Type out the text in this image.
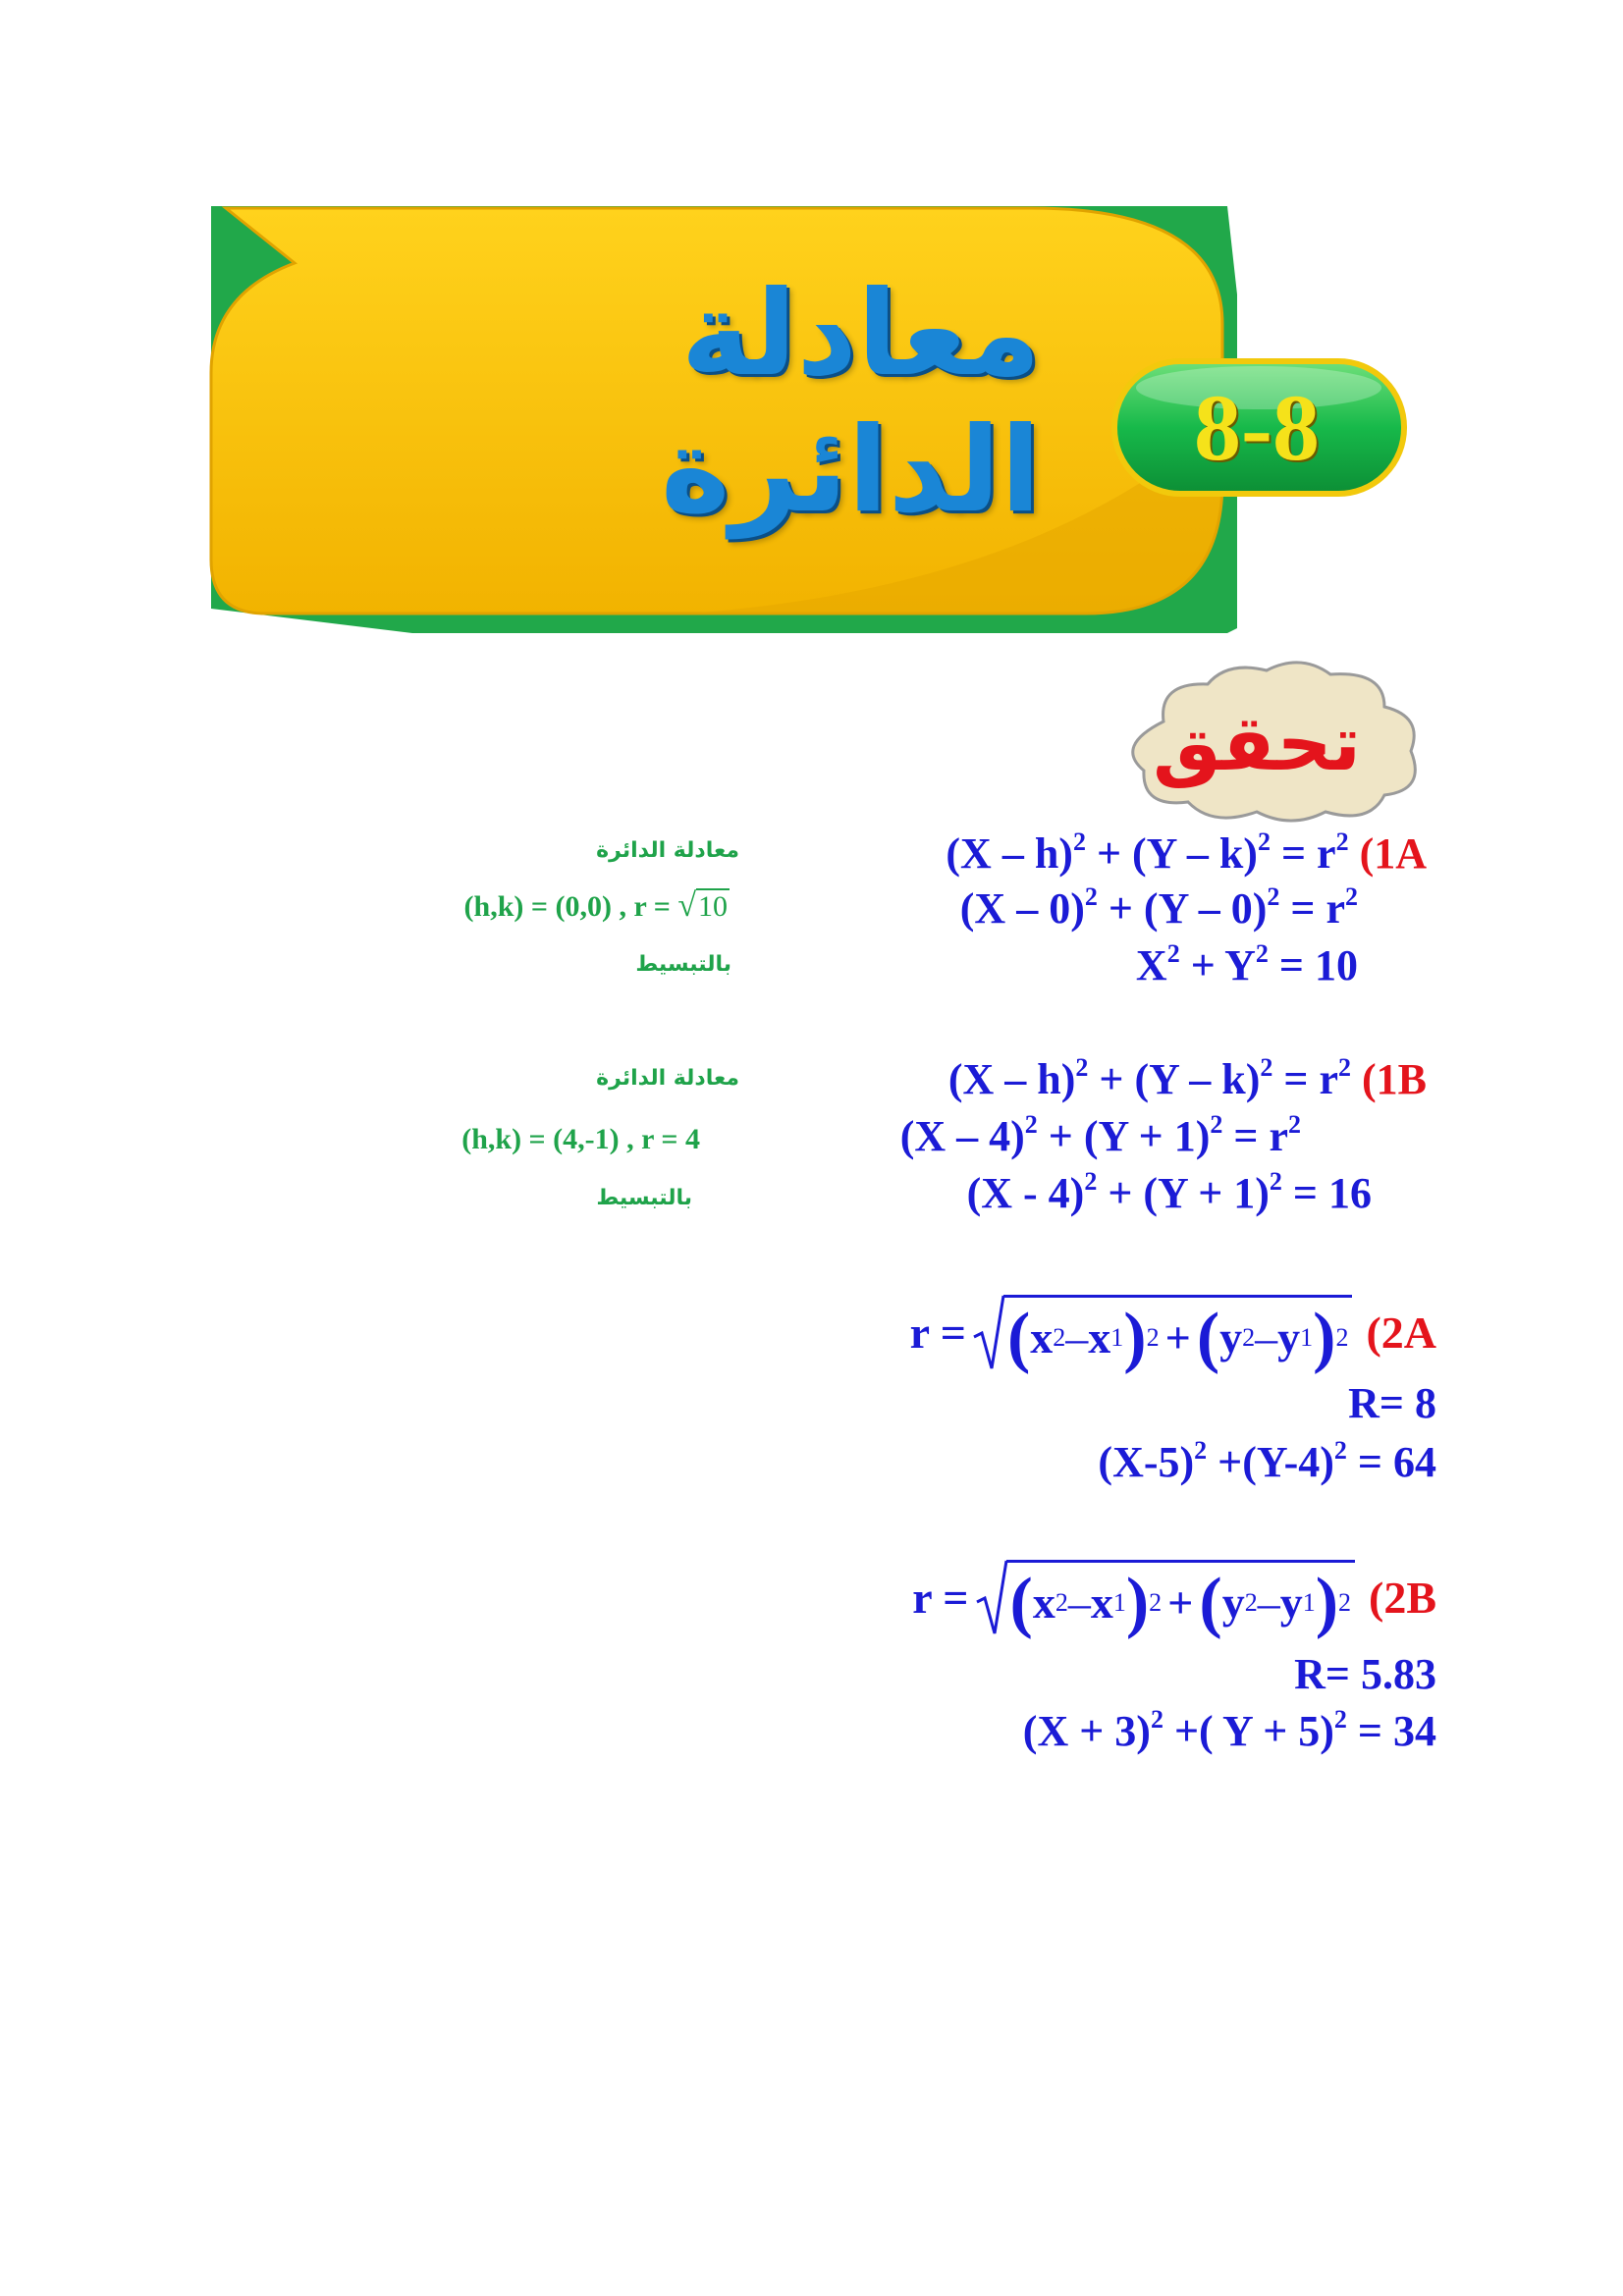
معادلة الدائرة	8-8
تحقق
$(X - h)^2 + (Y - k)^2 = r^2$ (1A
$(X - 0)^2 + (Y - 0)^2 = r^2$
$X^2 + Y^2 = 10$
معادلة الدائرة
(h,k) = (0,0) , r = √10
بالتبسيط
$(X - h)^2 + (Y - k)^2 = r^2$ (1B
$(X - 4)^2 + (Y + 1)^2 = r^2$
$(X - 4)^2 + (Y + 1)^2 = 16$
معادلة الدائرة
(h,k) = (4,-1) , r = 4
بالتبسيط
r = ( x 2 – x 1 ) 2 + ( y 2 – y 1 ) 2 (2A
R= 8
$(X-5)^2 +(Y-4)^2 = 64$
r = ( x 2 – x 1 ) 2 + ( y 2 – y 1 ) 2 (2B
R= 5.83
$(X + 3)^2$ +( Y + 5)$^2$ = 34
